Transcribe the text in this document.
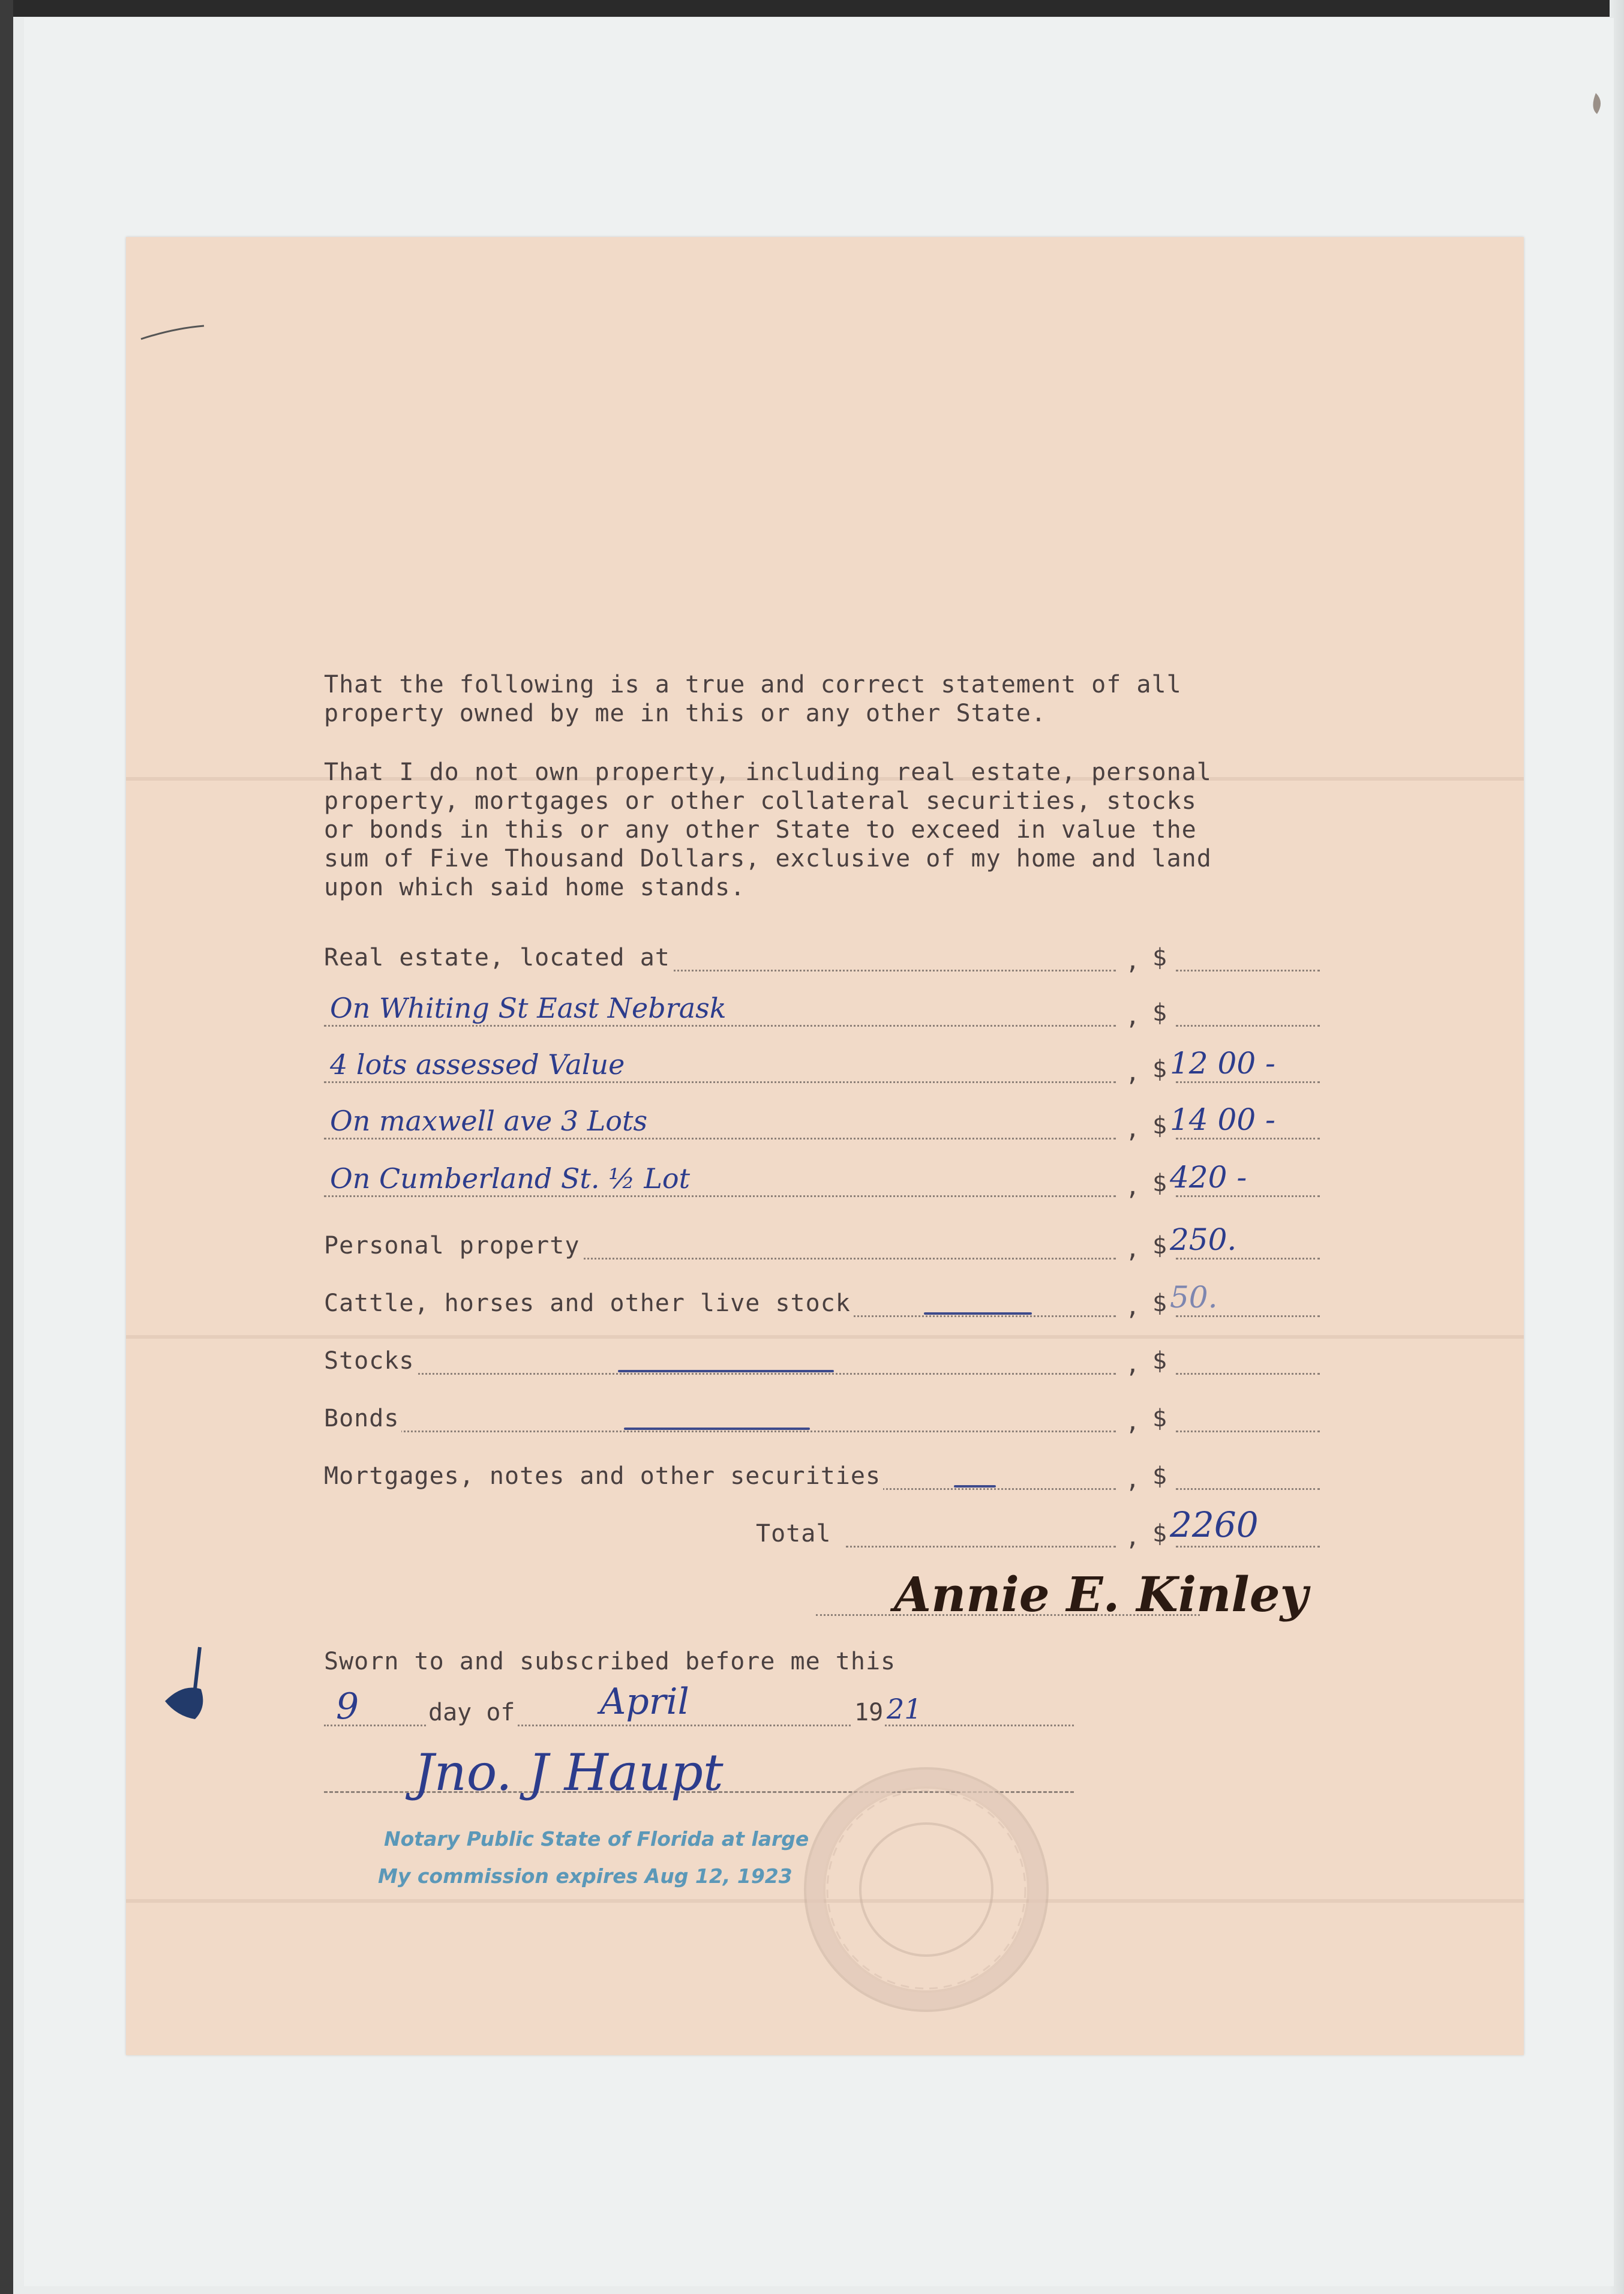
That the following is a true and correct statement of all
property owned by me in this or any other State.
That I do not own property, including real estate, personal
property, mortgages or other collateral securities, stocks
or bonds in this or any other State to exceed in value the
sum of Five Thousand Dollars, exclusive of my home and land
upon which said home stands.
Real estate, located at	, $
On Whiting St East Nebrask	, $
4 lots assessed Value	, $ 12 00 -
On maxwell ave 3 Lots	, $ 14 00 -
On Cumberland St. ½ Lot	, $ 420 -
Personal property	, $ 250.
Cattle, horses and other live stock	, $ 50.
Stocks	, $
Bonds	, $
Mortgages, notes and other securities	, $
Total	, $ 2260
Annie E. Kinley
Sworn to and subscribed before me this
9	day of April	19 21
Jno. J Haupt
Notary Public State of Florida at large
My commission expires Aug 12, 1923
